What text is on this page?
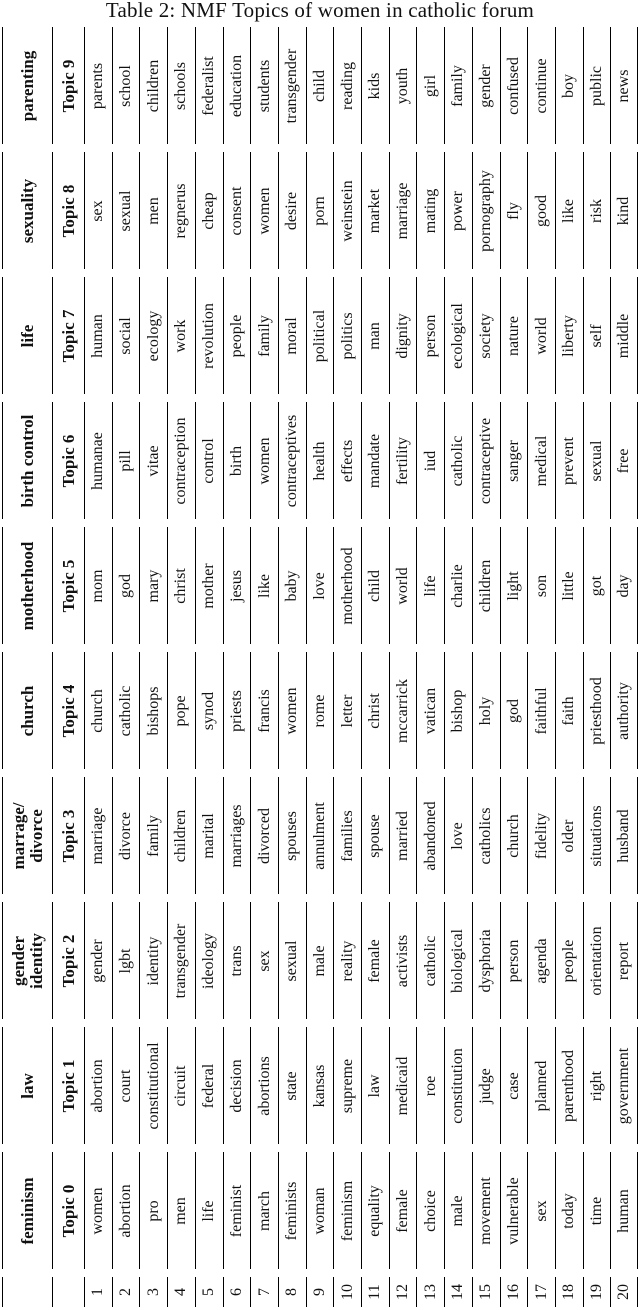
Table 2: NMF Topics of women in catholic forum
parenting Topic 9 parents school children schools federalist education students transgender child reading kids youth girl family gender confused continue boy public news
sexuality Topic 8 sex sexual men regnerus cheap consent women desire porn weinstein market marriage mating power pornography fly good like risk kind
life Topic 7 human social ecology work revolution people family moral political politics man dignity person ecological society nature world liberty self middle
birth control Topic 6 humanae pill vitae contraception control birth women contraceptives health effects mandate fertility iud catholic contraceptive sanger medical prevent sexual free
motherhood Topic 5 mom god mary christ mother jesus like baby love motherhood child world life charlie children light son little got day
church Topic 4 church catholic bishops pope synod priests francis women rome letter christ mccarrick vatican bishop holy god faithful faith priesthood authority
marrage/
divorce Topic 3 marriage divorce family children marital marriages divorced spouses annulment families spouse married abandoned love catholics church fidelity older situations husband
gender
identity Topic 2 gender lgbt identity transgender ideology trans sex sexual male reality female activists catholic biological dysphoria person agenda people orientation report
law Topic 1 abortion court constitutional circuit federal decision abortions state kansas supreme law medicaid roe constitution judge case planned parenthood right government
feminism Topic 0 women abortion pro men life feminist march feminists woman feminism equality female choice male movement vulnerable sex today time human
1 2 3 4 5 6 7 8 9 10 11 12 13 14 15 16 17 18 19 20
